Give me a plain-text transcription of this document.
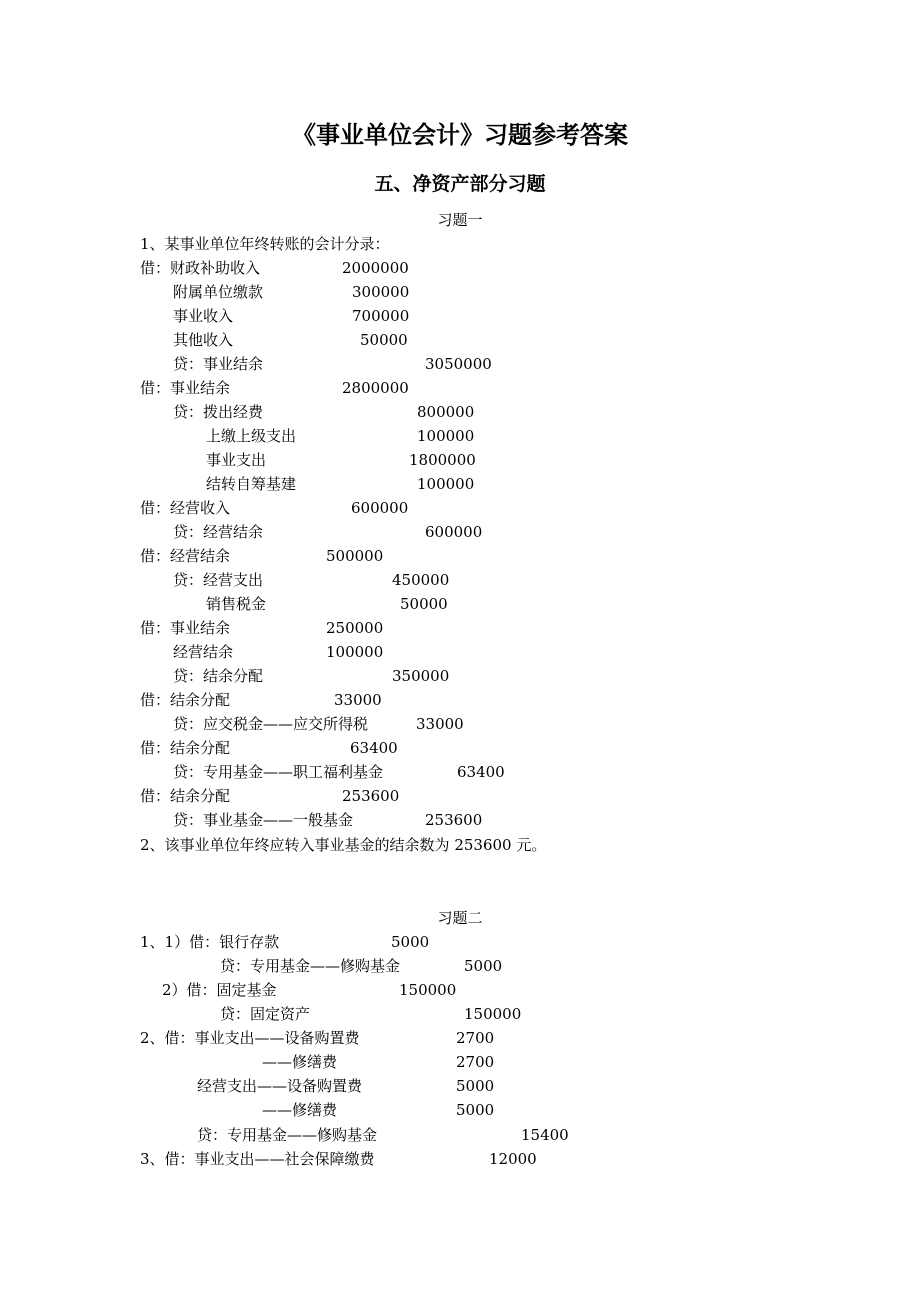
《事业单位会计》习题参考答案
五、净资产部分习题
习题一
1、某事业单位年终转账的会计分录：
借：财政补助收入	2000000
附属单位缴款	300000
事业收入	700000
其他收入	50000
贷：事业结余	3050000
借：事业结余	2800000
贷：拨出经费	800000
上缴上级支出	100000
事业支出	1800000
结转自筹基建	100000
借：经营收入	600000
贷：经营结余	600000
借：经营结余	500000
贷：经营支出	450000
销售税金	50000
借：事业结余	250000
经营结余	100000
贷：结余分配	350000
借：结余分配	33000
贷：应交税金——应交所得税	33000
借：结余分配	63400
贷：专用基金——职工福利基金	63400
借：结余分配	253600
贷：事业基金——一般基金	253600
2、该事业单位年终应转入事业基金的结余数为 253600 元。
习题二
1、1）借：银行存款	5000
贷：专用基金——修购基金	5000
2）借：固定基金	150000
贷：固定资产	150000
2、借：事业支出——设备购置费	2700
——修缮费	2700
经营支出——设备购置费	5000
——修缮费	5000
贷：专用基金——修购基金	15400
3、借：事业支出——社会保障缴费	12000
